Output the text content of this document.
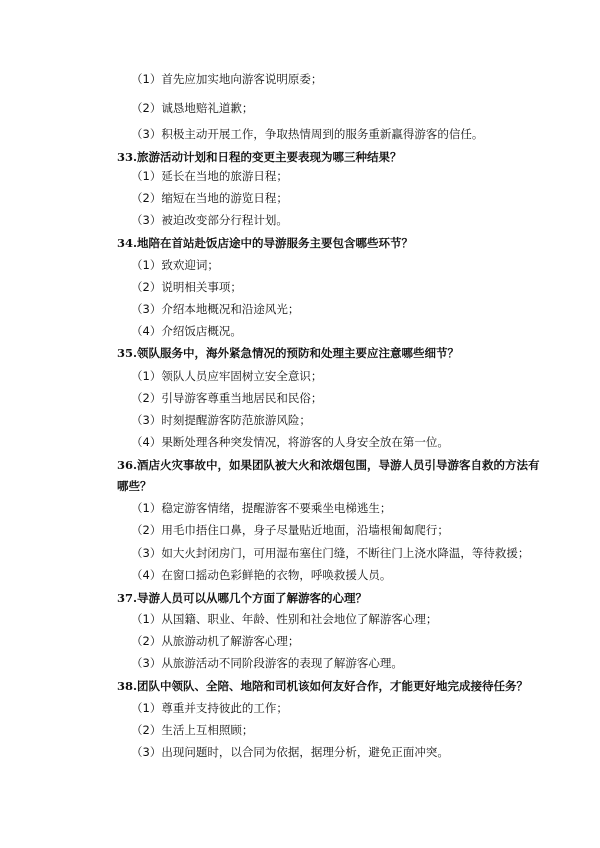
（1）首先应加实地向游客说明原委；
（2）诚恳地赔礼道歉；
（3）积极主动开展工作，争取热情周到的服务重新赢得游客的信任。
33.旅游活动计划和日程的变更主要表现为哪三种结果？
（1）延长在当地的旅游日程；
（2）缩短在当地的游览日程；
（3）被迫改变部分行程计划。
34.地陪在首站赴饭店途中的导游服务主要包含哪些环节？
（1）致欢迎词；
（2）说明相关事项；
（3）介绍本地概况和沿途风光；
（4）介绍饭店概况。
35.领队服务中，海外紧急情况的预防和处理主要应注意哪些细节？
（1）领队人员应牢固树立安全意识；
（2）引导游客尊重当地居民和民俗；
（3）时刻提醒游客防范旅游风险；
（4）果断处理各种突发情况，将游客的人身安全放在第一位。
36.酒店火灾事故中，如果团队被大火和浓烟包围，导游人员引导游客自救的方法有
哪些？
（1）稳定游客情绪，提醒游客不要乘坐电梯逃生；
（2）用毛巾捂住口鼻，身子尽量贴近地面，沿墙根匍匐爬行；
（3）如大火封闭房门，可用湿布塞住门缝，不断往门上浇水降温，等待救援；
（4）在窗口摇动色彩鲜艳的衣物，呼唤救援人员。
37.导游人员可以从哪几个方面了解游客的心理？
（1）从国籍、职业、年龄、性别和社会地位了解游客心理；
（2）从旅游动机了解游客心理；
（3）从旅游活动不同阶段游客的表现了解游客心理。
38.团队中领队、全陪、地陪和司机该如何友好合作，才能更好地完成接待任务？
（1）尊重并支持彼此的工作；
（2）生活上互相照顾；
（3）出现问题时，以合同为依据，据理分析，避免正面冲突。
